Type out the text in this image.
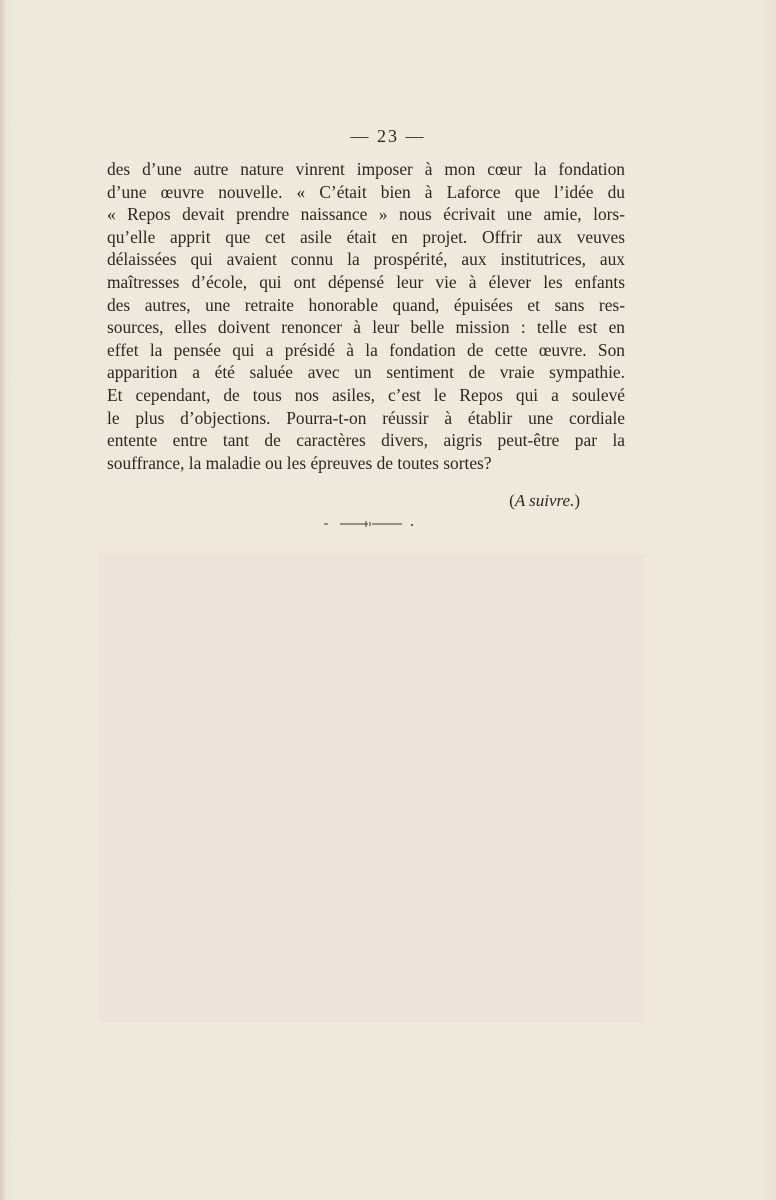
— 23 —
des d’une autre nature vinrent imposer à mon cœur la fondation
d’une œuvre nouvelle. « C’était bien à Laforce que l’idée du
« Repos devait prendre naissance » nous écrivait une amie, lors-
qu’elle apprit que cet asile était en projet. Offrir aux veuves
délaissées qui avaient connu la prospérité, aux institutrices, aux
maîtresses d’école, qui ont dépensé leur vie à élever les enfants
des autres, une retraite honorable quand, épuisées et sans res-
sources, elles doivent renoncer à leur belle mission : telle est en
effet la pensée qui a présidé à la fondation de cette œuvre. Son
apparition a été saluée avec un sentiment de vraie sympathie.
Et cependant, de tous nos asiles, c’est le Repos qui a soulevé
le plus d’objections. Pourra-t-on réussir à établir une cordiale
entente entre tant de caractères divers, aigris peut-être par la
souffrance, la maladie ou les épreuves de toutes sortes?
(A suivre.)
